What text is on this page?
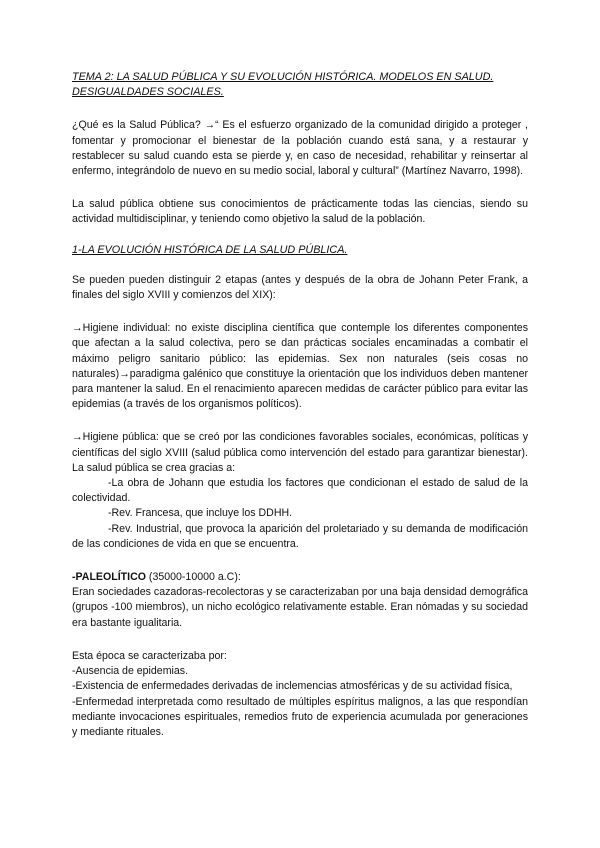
TEMA 2: LA SALUD PÚBLICA Y SU EVOLUCIÓN HISTÓRICA. MODELOS EN SALUD. DESIGUALDADES SOCIALES.

¿Qué es la Salud Pública? →“ Es el esfuerzo organizado de la comunidad dirigido a proteger , fomentar y promocionar el bienestar de la población cuando está sana, y a restaurar y restablecer su salud cuando esta se pierde y, en caso de necesidad, rehabilitar y reinsertar al enfermo, integrándolo de nuevo en su medio social, laboral y cultural” (Martínez Navarro, 1998).

La salud pública obtiene sus conocimientos de prácticamente todas las ciencias, siendo su actividad multidisciplinar, y teniendo como objetivo la salud de la población.

1-LA EVOLUCIÓN HISTÓRICA DE LA SALUD PÚBLICA.

Se pueden pueden distinguir 2 etapas (antes y después de la obra de Johann Peter Frank, a finales del siglo XVIII y comienzos del XIX):

→Higiene individual: no existe disciplina científica que contemple los diferentes componentes que afectan a la salud colectiva, pero se dan prácticas sociales encaminadas a combatir el máximo peligro sanitario público: las epidemias. Sex non naturales (seis cosas no naturales)→paradigma galénico que constituye la orientación que los individuos deben mantener para mantener la salud. En el renacimiento aparecen medidas de carácter público para evitar las epidemias (a través de los organismos políticos).

→Higiene pública: que se creó por las condiciones favorables sociales, económicas, políticas y científicas del siglo XVIII (salud pública como intervención del estado para garantizar bienestar). La salud pública se crea gracias a:

-La obra de Johann que estudia los factores que condicionan el estado de salud de la colectividad.

-Rev. Francesa, que incluye los DDHH.

-Rev. Industrial, que provoca la aparición del proletariado y su demanda de modificación de las condiciones de vida en que se encuentra.

-PALEOLÍTICO (35000-10000 a.C):

Eran sociedades cazadoras-recolectoras y se caracterizaban por una baja densidad demográfica (grupos -100 miembros), un nicho ecológico relativamente estable. Eran nómadas y su sociedad era bastante igualitaria.

Esta época se caracterizaba por:

-Ausencia de epidemias.

-Existencia de enfermedades derivadas de inclemencias atmosféricas y de su actividad física,

-Enfermedad interpretada como resultado de múltiples espíritus malignos, a las que respondían mediante invocaciones espirituales, remedios fruto de experiencia acumulada por generaciones y mediante rituales.
